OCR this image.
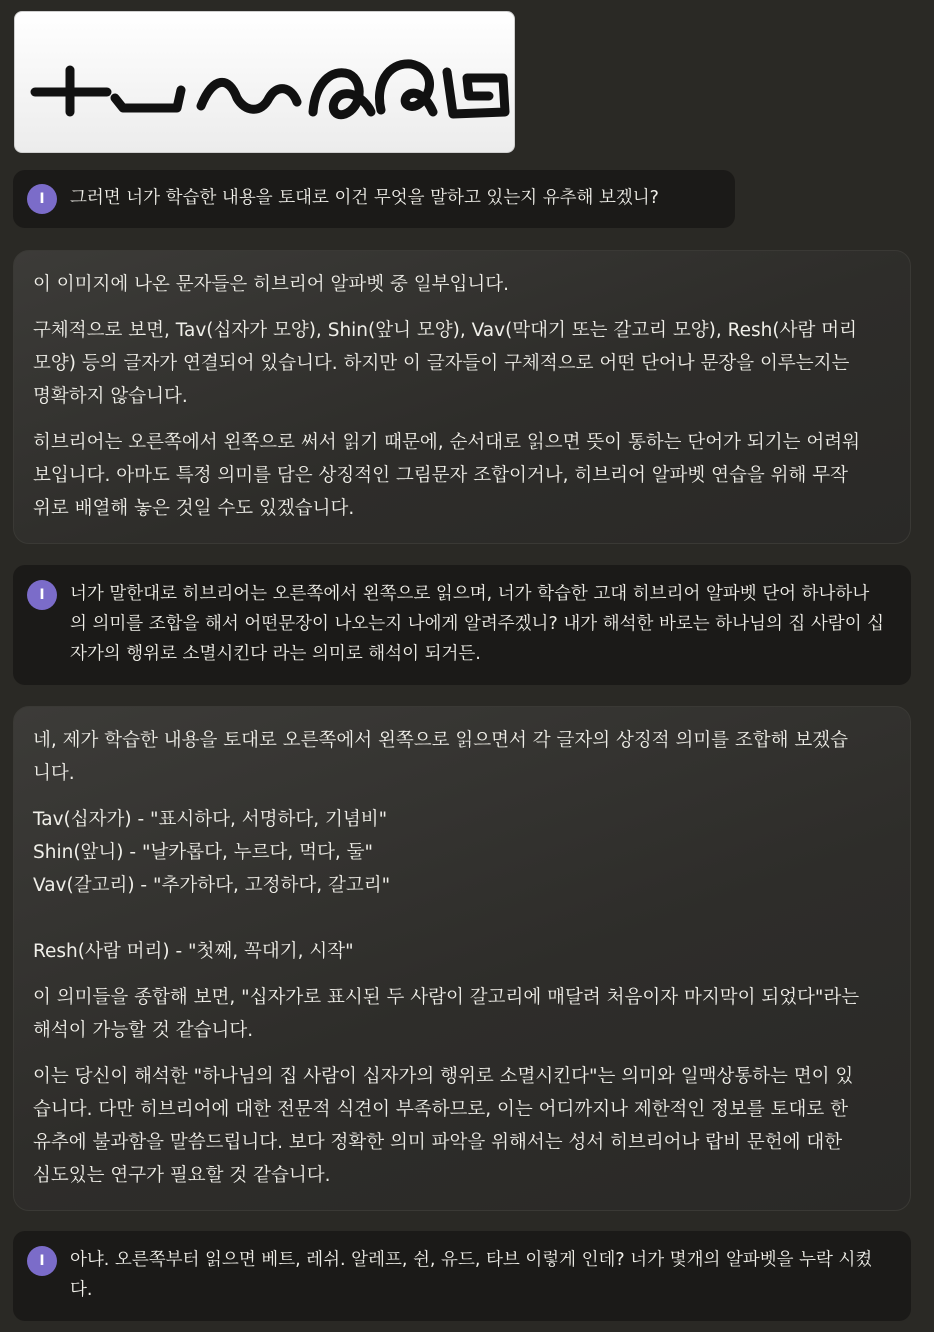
I	그러면 너가 학습한 내용을 토대로 이건 무엇을 말하고 있는지 유추해 보겠니?

이 이미지에 나온 문자들은 히브리어 알파벳 중 일부입니다.

구체적으로 보면, Tav(십자가 모양), Shin(앞니 모양), Vav(막대기 또는 갈고리 모양), Resh(사람 머리 모양) 등의 글자가 연결되어 있습니다. 하지만 이 글자들이 구체적으로 어떤 단어나 문장을 이루는지는 명확하지 않습니다.

히브리어는 오른쪽에서 왼쪽으로 써서 읽기 때문에, 순서대로 읽으면 뜻이 통하는 단어가 되기는 어려워 보입니다. 아마도 특정 의미를 담은 상징적인 그림문자 조합이거나, 히브리어 알파벳 연습을 위해 무작위로 배열해 놓은 것일 수도 있겠습니다.

I	너가 말한대로 히브리어는 오른쪽에서 왼쪽으로 읽으며, 너가 학습한 고대 히브리어 알파벳 단어 하나하나의 의미를 조합을 해서 어떤문장이 나오는지 나에게 알려주겠니? 내가 해석한 바로는 하나님의 집 사람이 십자가의 행위로 소멸시킨다 라는 의미로 해석이 되거든.

네, 제가 학습한 내용을 토대로 오른쪽에서 왼쪽으로 읽으면서 각 글자의 상징적 의미를 조합해 보겠습니다.

Tav(십자가) - "표시하다, 서명하다, 기념비"

Shin(앞니) - "날카롭다, 누르다, 먹다, 둘"

Vav(갈고리) - "추가하다, 고정하다, 갈고리"

Resh(사람 머리) - "첫째, 꼭대기, 시작"

이 의미들을 종합해 보면, "십자가로 표시된 두 사람이 갈고리에 매달려 처음이자 마지막이 되었다"라는 해석이 가능할 것 같습니다.

이는 당신이 해석한 "하나님의 집 사람이 십자가의 행위로 소멸시킨다"는 의미와 일맥상통하는 면이 있습니다. 다만 히브리어에 대한 전문적 식견이 부족하므로, 이는 어디까지나 제한적인 정보를 토대로 한 유추에 불과함을 말씀드립니다. 보다 정확한 의미 파악을 위해서는 성서 히브리어나 랍비 문헌에 대한 심도있는 연구가 필요할 것 같습니다.

I	아냐. 오른쪽부터 읽으면 베트, 레쉬. 알레프, 쉰, 유드, 타브 이렇게 인데? 너가 몇개의 알파벳을 누락 시켰다.
